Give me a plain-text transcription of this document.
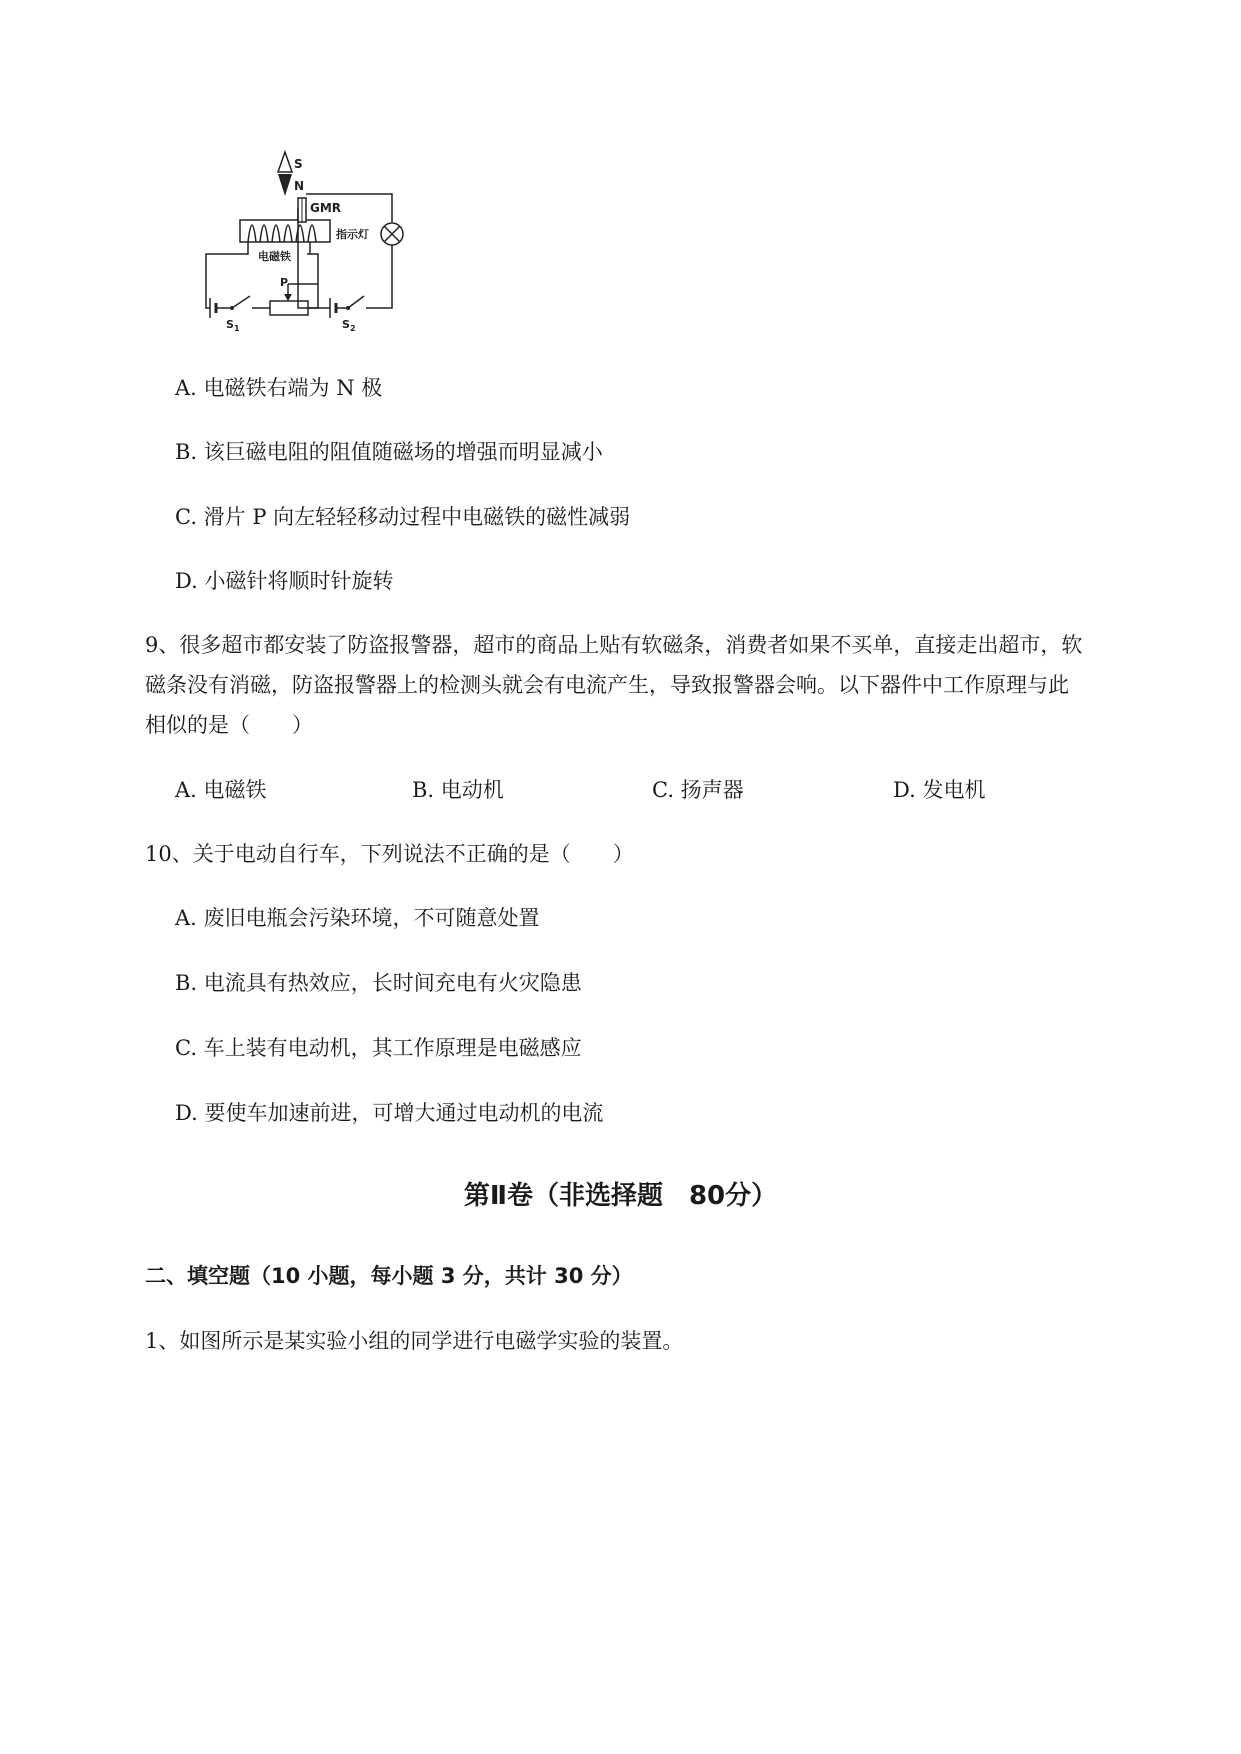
S
N
电磁铁
S 1
P
GMR
指示灯
S 2
A. 电磁铁右端为 N 极
B. 该巨磁电阻的阻值随磁场的增强而明显减小
C. 滑片 P 向左轻轻移动过程中电磁铁的磁性减弱
D. 小磁针将顺时针旋转
9、很多超市都安装了防盗报警器，超市的商品上贴有软磁条，消费者如果不买单，直接走出超市，软
磁条没有消磁，防盗报警器上的检测头就会有电流产生，导致报警器会响。以下器件中工作原理与此
相似的是（　　）
A. 电磁铁	B. 电动机	C. 扬声器	D. 发电机
10、关于电动自行车，下列说法不正确的是（　　）
A. 废旧电瓶会污染环境，不可随意处置
B. 电流具有热效应，长时间充电有火灾隐患
C. 车上装有电动机，其工作原理是电磁感应
D. 要使车加速前进，可增大通过电动机的电流
第Ⅱ卷（非选择题　80分）
二、填空题（10 小题，每小题 3 分，共计 30 分）
1、如图所示是某实验小组的同学进行电磁学实验的装置。
